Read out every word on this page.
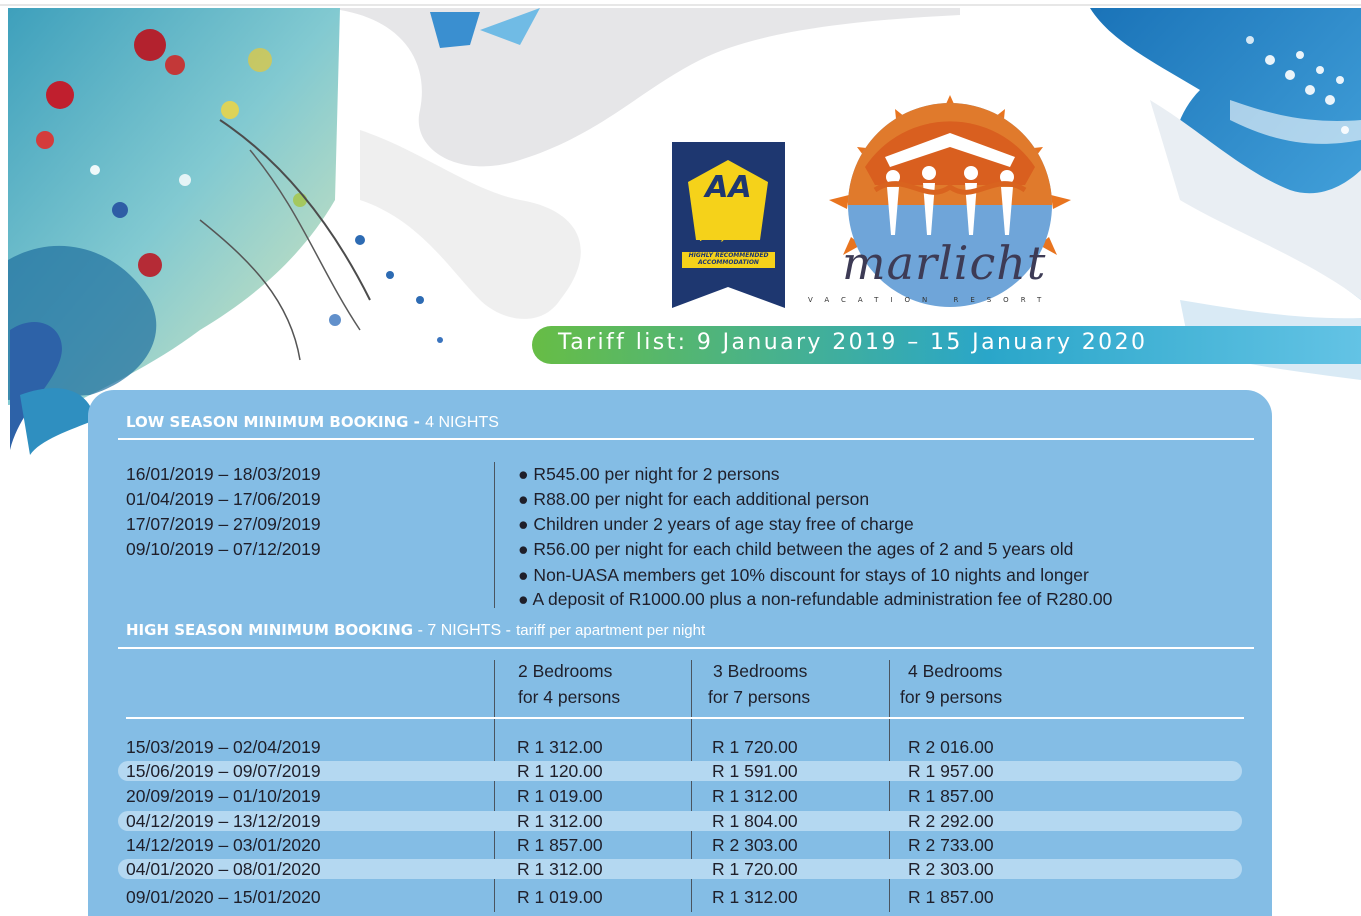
AA
Quality Assured
HIGHLY RECOMMENDED
ACCOMMODATION	marlicht
VACATION RESORT
Tariff list: 9 January 2019 – 15 January 2020
LOW SEASON MINIMUM BOOKING - 4 NIGHTS
16/01/2019 – 18/03/2019
01/04/2019 – 17/06/2019
17/07/2019 – 27/09/2019
09/10/2019 – 07/12/2019
● R545.00 per night for 2 persons
● R88.00 per night for each additional person
● Children under 2 years of age stay free of charge
● R56.00 per night for each child between the ages of 2 and 5 years old
● Non-UASA members get 10% discount for stays of 10 nights and longer
● A deposit of R1000.00 plus a non-refundable administration fee of R280.00
HIGH SEASON MINIMUM BOOKING - 7 NIGHTS - tariff per apartment per night
2 Bedrooms
for 4 persons
3 Bedrooms
for 7 persons
4 Bedrooms
for 9 persons
15/03/2019 – 02/04/2019	R 1 312.00	R 1 720.00	R 2 016.00
15/06/2019 – 09/07/2019	R 1 120.00	R 1 591.00	R 1 957.00
20/09/2019 – 01/10/2019	R 1 019.00	R 1 312.00	R 1 857.00
04/12/2019 – 13/12/2019	R 1 312.00	R 1 804.00	R 2 292.00
14/12/2019 – 03/01/2020	R 1 857.00	R 2 303.00	R 2 733.00
04/01/2020 – 08/01/2020	R 1 312.00	R 1 720.00	R 2 303.00
09/01/2020 – 15/01/2020	R 1 019.00	R 1 312.00	R 1 857.00
